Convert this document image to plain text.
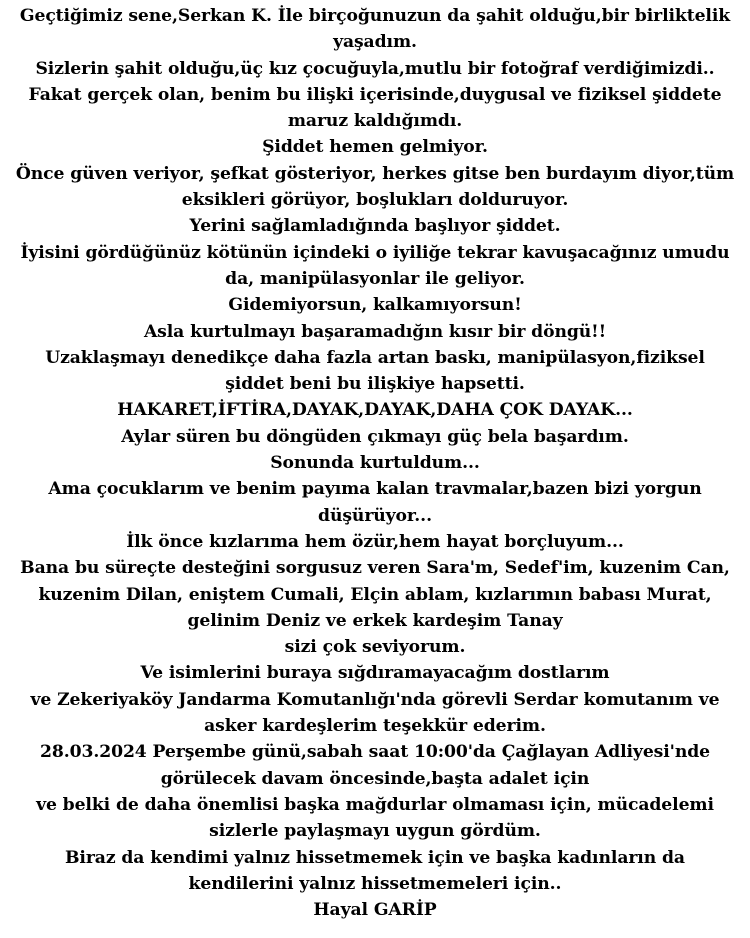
Geçtiğimiz sene,Serkan K. İle birçoğunuzun da şahit olduğu,bir birliktelik
yaşadım.
Sizlerin şahit olduğu,üç kız çocuğuyla,mutlu bir fotoğraf verdiğimizdi..
Fakat gerçek olan, benim bu ilişki içerisinde,duygusal ve fiziksel şiddete
maruz kaldığımdı.
Şiddet hemen gelmiyor.
Önce güven veriyor, şefkat gösteriyor, herkes gitse ben burdayım diyor,tüm
eksikleri görüyor, boşlukları dolduruyor.
Yerini sağlamladığında başlıyor şiddet.
İyisini gördüğünüz kötünün içindeki o iyiliğe tekrar kavuşacağınız umudu
da, manipülasyonlar ile geliyor.
Gidemiyorsun, kalkamıyorsun!
Asla kurtulmayı başaramadığın kısır bir döngü!!
Uzaklaşmayı denedikçe daha fazla artan baskı, manipülasyon,fiziksel
şiddet beni bu ilişkiye hapsetti.
HAKARET,İFTİRA,DAYAK,DAYAK,DAHA ÇOK DAYAK...
Aylar süren bu döngüden çıkmayı güç bela başardım.
Sonunda kurtuldum...
Ama çocuklarım ve benim payıma kalan travmalar,bazen bizi yorgun
düşürüyor...
İlk önce kızlarıma hem özür,hem hayat borçluyum...
Bana bu süreçte desteğini sorgusuz veren Sara'm, Sedef'im, kuzenim Can,
kuzenim Dilan, eniştem Cumali, Elçin ablam, kızlarımın babası Murat,
gelinim Deniz ve erkek kardeşim Tanay
sizi çok seviyorum.
Ve isimlerini buraya sığdıramayacağım dostlarım
ve Zekeriyaköy Jandarma Komutanlığı'nda görevli Serdar komutanım ve
asker kardeşlerim teşekkür ederim.
28.03.2024 Perşembe günü,sabah saat 10:00'da Çağlayan Adliyesi'nde
görülecek davam öncesinde,başta adalet için
ve belki de daha önemlisi başka mağdurlar olmaması için, mücadelemi
sizlerle paylaşmayı uygun gördüm.
Biraz da kendimi yalnız hissetmemek için ve başka kadınların da
kendilerini yalnız hissetmemeleri için..
Hayal GARİP
